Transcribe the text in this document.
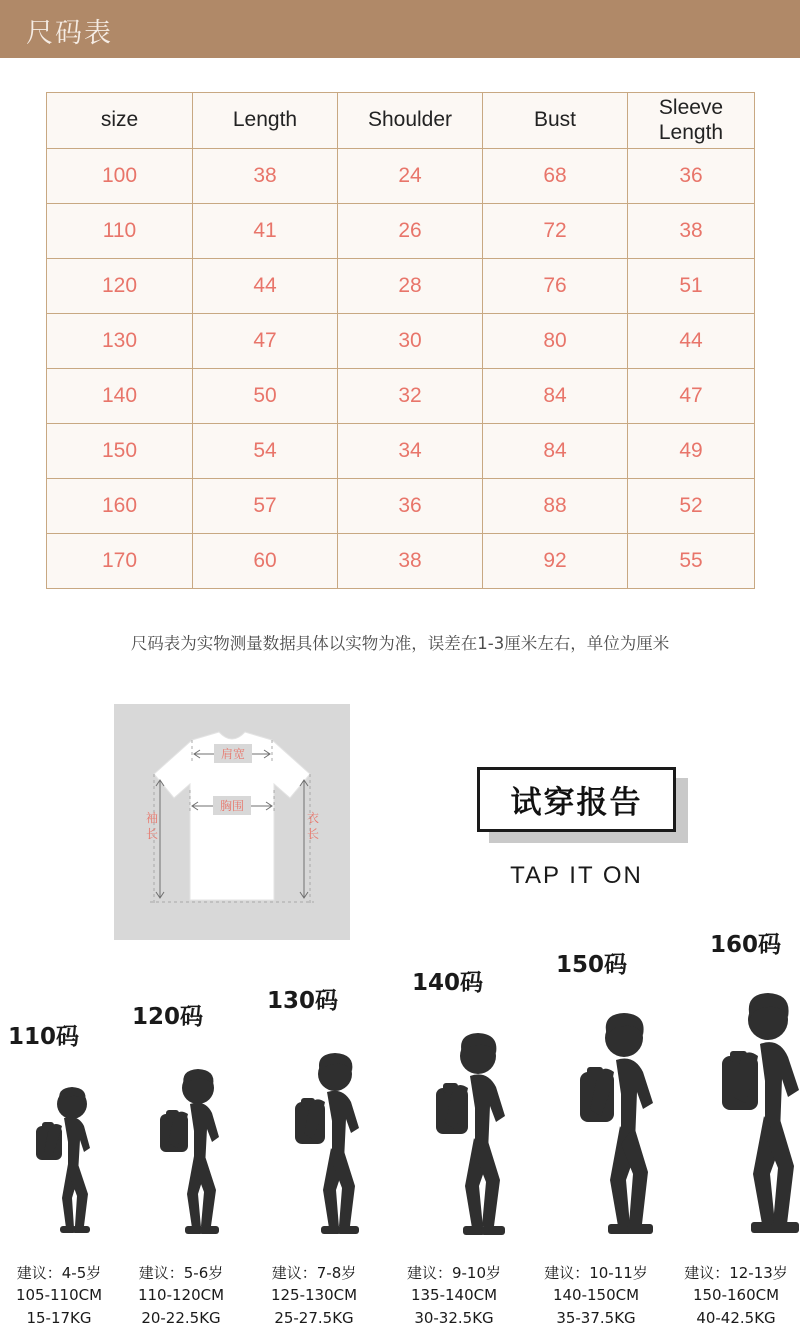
尺码表
size	Length	Shoulder	Bust	Sleeve Length
100	38	24	68	36
110	41	26	72	38
120	44	28	76	51
130	47	30	80	44
140	50	32	84	47
150	54	34	84	49
160	57	36	88	52
170	60	38	92	55
尺码表为实物测量数据具体以实物为准，误差在1-3厘米左右，单位为厘米
肩宽
胸围
袖
长
衣
长
试穿报告
TAP IT ON
110码
建议：4-5岁
105-110CM
15-17KG
120码
建议：5-6岁
110-120CM
20-22.5KG
130码
建议：7-8岁
125-130CM
25-27.5KG
140码
建议：9-10岁
135-140CM
30-32.5KG
150码
建议：10-11岁
140-150CM
35-37.5KG
160码
建议：12-13岁
150-160CM
40-42.5KG
